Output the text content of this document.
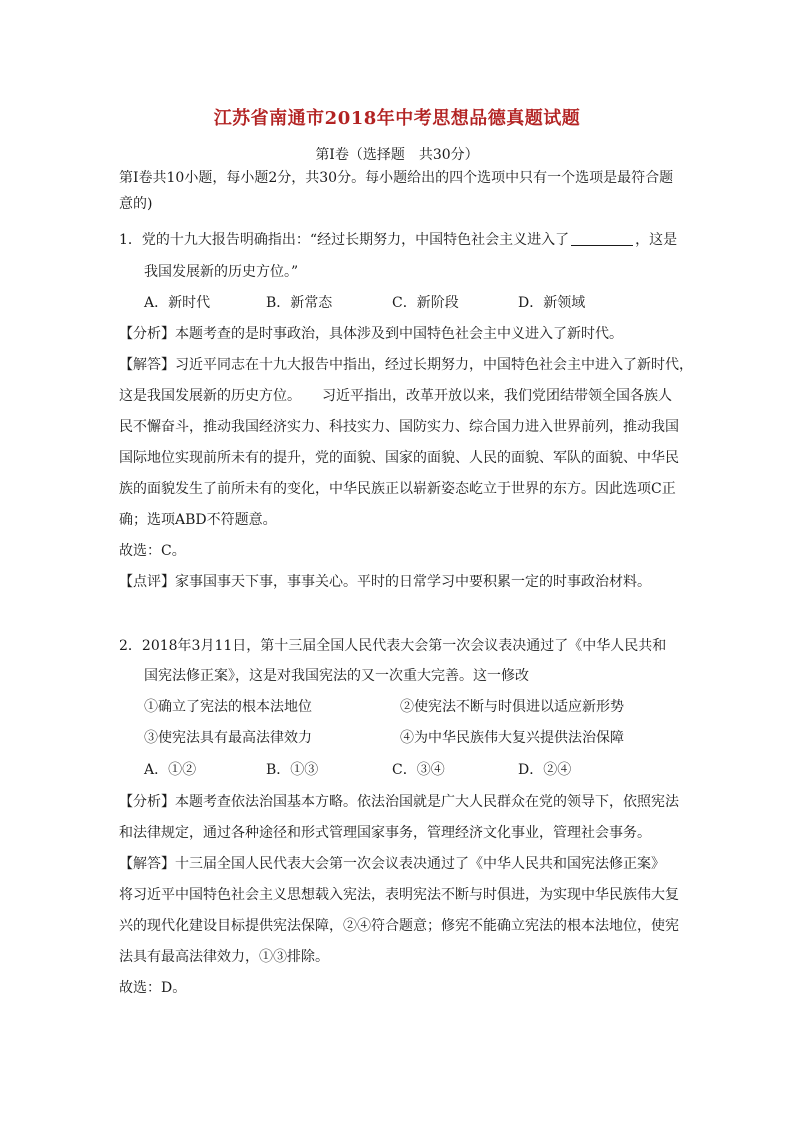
江苏省南通市2018年中考思想品德真题试题
第Ⅰ卷（选择题　共30分）
第Ⅰ卷共10小题，每小题2分，共30分。每小题给出的四个选项中只有一个选项是最符合题
意的)
1．党的十九大报告明确指出：“经过长期努力，中国特色社会主义进入了	，这是
我国发展新的历史方位。”
A．新时代	B．新常态	C．新阶段	D．新领域
【分析】本题考查的是时事政治，具体涉及到中国特色社会主中义进入了新时代。
【解答】习近平同志在十九大报告中指出，经过长期努力，中国特色社会主中进入了新时代，
这是我国发展新的历史方位。　　习近平指出，改革开放以来，我们党团结带领全国各族人
民不懈奋斗，推动我国经济实力、科技实力、国防实力、综合国力进入世界前列，推动我国
国际地位实现前所未有的提升，党的面貌、国家的面貌、人民的面貌、军队的面貌、中华民
族的面貌发生了前所未有的变化，中华民族正以崭新姿态屹立于世界的东方。因此选项C正
确；选项ABD不符题意。
故选：C。
【点评】家事国事天下事，事事关心。平时的日常学习中要积累一定的时事政治材料。
2．2018年3月11日，第十三届全国人民代表大会第一次会议表决通过了《中华人民共和
国宪法修正案》，这是对我国宪法的又一次重大完善。这一修改
①确立了宪法的根本法地位	②使宪法不断与时俱进以适应新形势
③使宪法具有最高法律效力	④为中华民族伟大复兴提供法治保障
A．①②	B．①③	C．③④	D．②④
【分析】本题考查依法治国基本方略。依法治国就是广大人民群众在党的领导下，依照宪法
和法律规定，通过各种途径和形式管理国家事务，管理经济文化事业，管理社会事务。
【解答】十三届全国人民代表大会第一次会议表决通过了《中华人民共和国宪法修正案》
将习近平中国特色社会主义思想载入宪法，表明宪法不断与时俱进，为实现中华民族伟大复
兴的现代化建设目标提供宪法保障，②④符合题意；修宪不能确立宪法的根本法地位，使宪
法具有最高法律效力，①③排除。
故选：D。
